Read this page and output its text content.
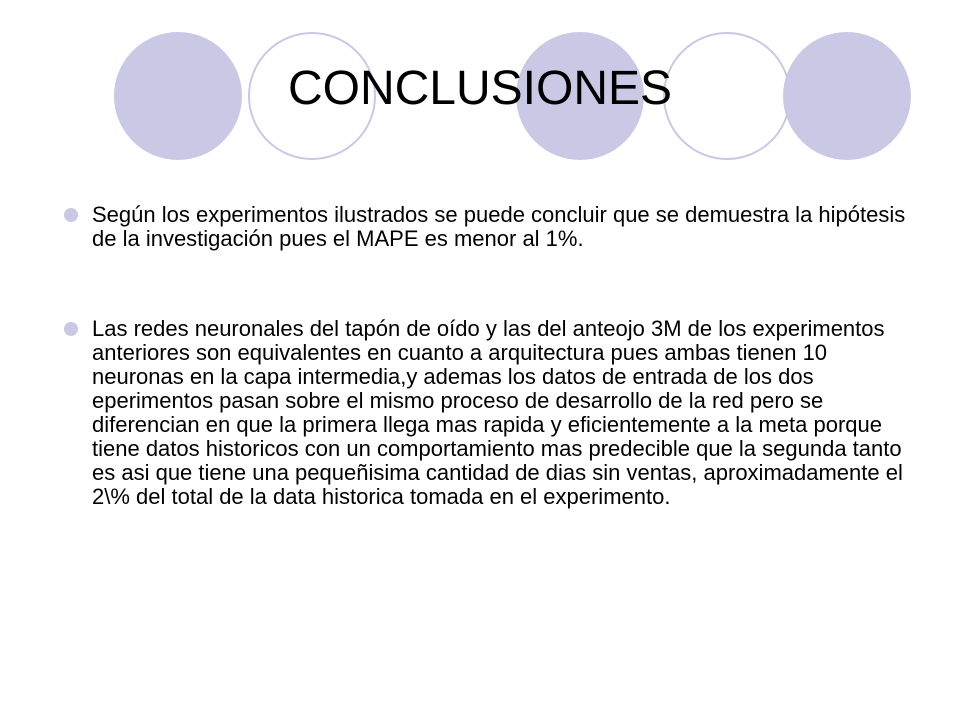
CONCLUSIONES
Según los experimentos ilustrados se puede concluir que se demuestra la hipótesis de la investigación pues el MAPE es menor al 1%.
Las redes neuronales del tapón de oído y las del anteojo 3M de los experimentos anteriores son equivalentes en cuanto a arquitectura pues ambas tienen 10 neuronas en la capa intermedia,y ademas los datos de entrada de los dos eperimentos pasan sobre el mismo proceso de desarrollo de la red pero se diferencian en que la primera llega mas rapida y eficientemente a la meta porque tiene datos historicos con un comportamiento mas predecible que la segunda tanto es asi que tiene una pequeñisima cantidad de dias sin ventas, aproximadamente el 2\% del total de la data historica tomada en el experimento.
